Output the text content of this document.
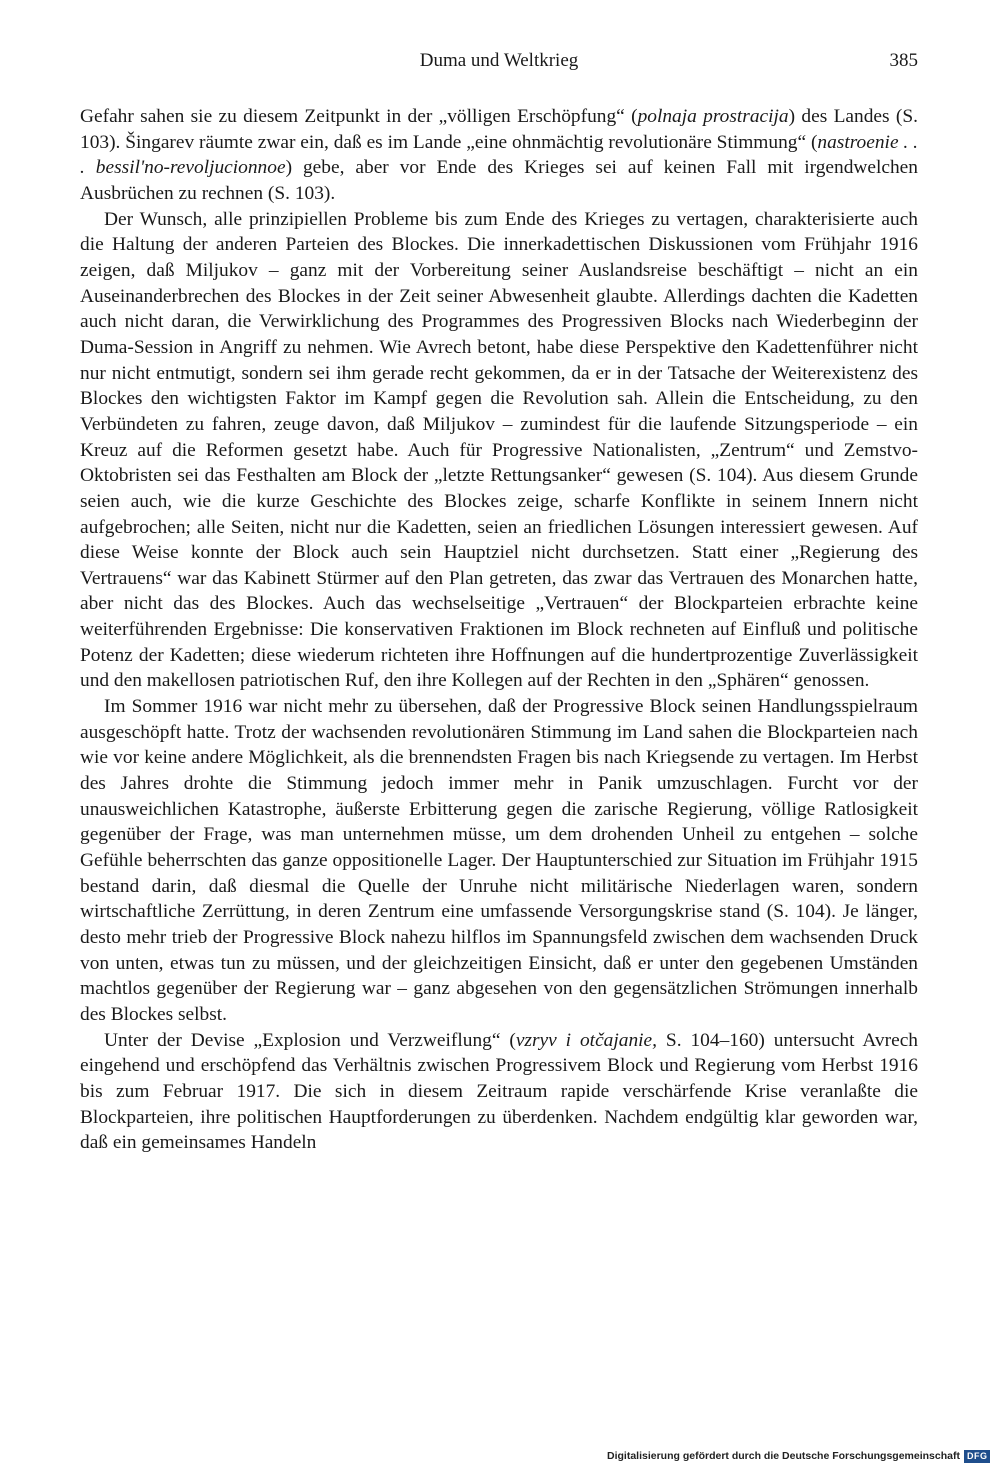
Duma und Weltkrieg	385

Gefahr sahen sie zu diesem Zeitpunkt in der „völligen Erschöpfung“ (polnaja prostracija) des Landes (S. 103). Šingarev räumte zwar ein, daß es im Lande „eine ohnmächtig revolutionäre Stimmung“ (nastroenie . . . bessil'no-revoljucionnoe) gebe, aber vor Ende des Krieges sei auf keinen Fall mit irgendwelchen Ausbrüchen zu rechnen (S. 103).

Der Wunsch, alle prinzipiellen Probleme bis zum Ende des Krieges zu vertagen, charakterisierte auch die Haltung der anderen Parteien des Blockes. Die innerkadettischen Diskussionen vom Frühjahr 1916 zeigen, daß Miljukov – ganz mit der Vorbereitung seiner Auslandsreise beschäftigt – nicht an ein Auseinanderbrechen des Blockes in der Zeit seiner Abwesenheit glaubte. Allerdings dachten die Kadetten auch nicht daran, die Verwirklichung des Programmes des Progressiven Blocks nach Wiederbeginn der Duma-Session in Angriff zu nehmen. Wie Avrech betont, habe diese Perspektive den Kadettenführer nicht nur nicht entmutigt, sondern sei ihm gerade recht gekommen, da er in der Tatsache der Weiterexistenz des Blockes den wichtigsten Faktor im Kampf gegen die Revolution sah. Allein die Entscheidung, zu den Verbündeten zu fahren, zeuge davon, daß Miljukov – zumindest für die laufende Sitzungsperiode – ein Kreuz auf die Reformen gesetzt habe. Auch für Progressive Nationalisten, „Zentrum“ und Zemstvo-Oktobristen sei das Festhalten am Block der „letzte Rettungsanker“ gewesen (S. 104). Aus diesem Grunde seien auch, wie die kurze Geschichte des Blockes zeige, scharfe Konflikte in seinem Innern nicht aufgebrochen; alle Seiten, nicht nur die Kadetten, seien an friedlichen Lösungen interessiert gewesen. Auf diese Weise konnte der Block auch sein Hauptziel nicht durchsetzen. Statt einer „Regierung des Vertrauens“ war das Kabinett Stürmer auf den Plan getreten, das zwar das Vertrauen des Monarchen hatte, aber nicht das des Blockes. Auch das wechselseitige „Vertrauen“ der Blockparteien erbrachte keine weiterführenden Ergebnisse: Die konservativen Fraktionen im Block rechneten auf Einfluß und politische Potenz der Kadetten; diese wiederum richteten ihre Hoffnungen auf die hundertprozentige Zuverlässigkeit und den makellosen patriotischen Ruf, den ihre Kollegen auf der Rechten in den „Sphären“ genossen.

Im Sommer 1916 war nicht mehr zu übersehen, daß der Progressive Block seinen Handlungsspielraum ausgeschöpft hatte. Trotz der wachsenden revolutionären Stimmung im Land sahen die Blockparteien nach wie vor keine andere Möglichkeit, als die brennendsten Fragen bis nach Kriegsende zu vertagen. Im Herbst des Jahres drohte die Stimmung jedoch immer mehr in Panik umzuschlagen. Furcht vor der unausweichlichen Katastrophe, äußerste Erbitterung gegen die zarische Regierung, völlige Ratlosigkeit gegenüber der Frage, was man unternehmen müsse, um dem drohenden Unheil zu entgehen – solche Gefühle beherrschten das ganze oppositionelle Lager. Der Hauptunterschied zur Situation im Frühjahr 1915 bestand darin, daß diesmal die Quelle der Unruhe nicht militärische Niederlagen waren, sondern wirtschaftliche Zerrüttung, in deren Zentrum eine umfassende Versorgungskrise stand (S. 104). Je länger, desto mehr trieb der Progressive Block nahezu hilflos im Spannungsfeld zwischen dem wachsenden Druck von unten, etwas tun zu müssen, und der gleichzeitigen Einsicht, daß er unter den gegebenen Umständen machtlos gegenüber der Regierung war – ganz abgesehen von den gegensätzlichen Strömungen innerhalb des Blockes selbst.

Unter der Devise „Explosion und Verzweiflung“ (vzryv i otčajanie, S. 104–160) untersucht Avrech eingehend und erschöpfend das Verhältnis zwischen Progressivem Block und Regierung vom Herbst 1916 bis zum Februar 1917. Die sich in diesem Zeitraum rapide verschärfende Krise veranlaßte die Blockparteien, ihre politischen Hauptforderungen zu überdenken. Nachdem endgültig klar geworden war, daß ein gemeinsames Handeln

Digitalisierung gefördert durch die Deutsche Forschungsgemeinschaft DFG
